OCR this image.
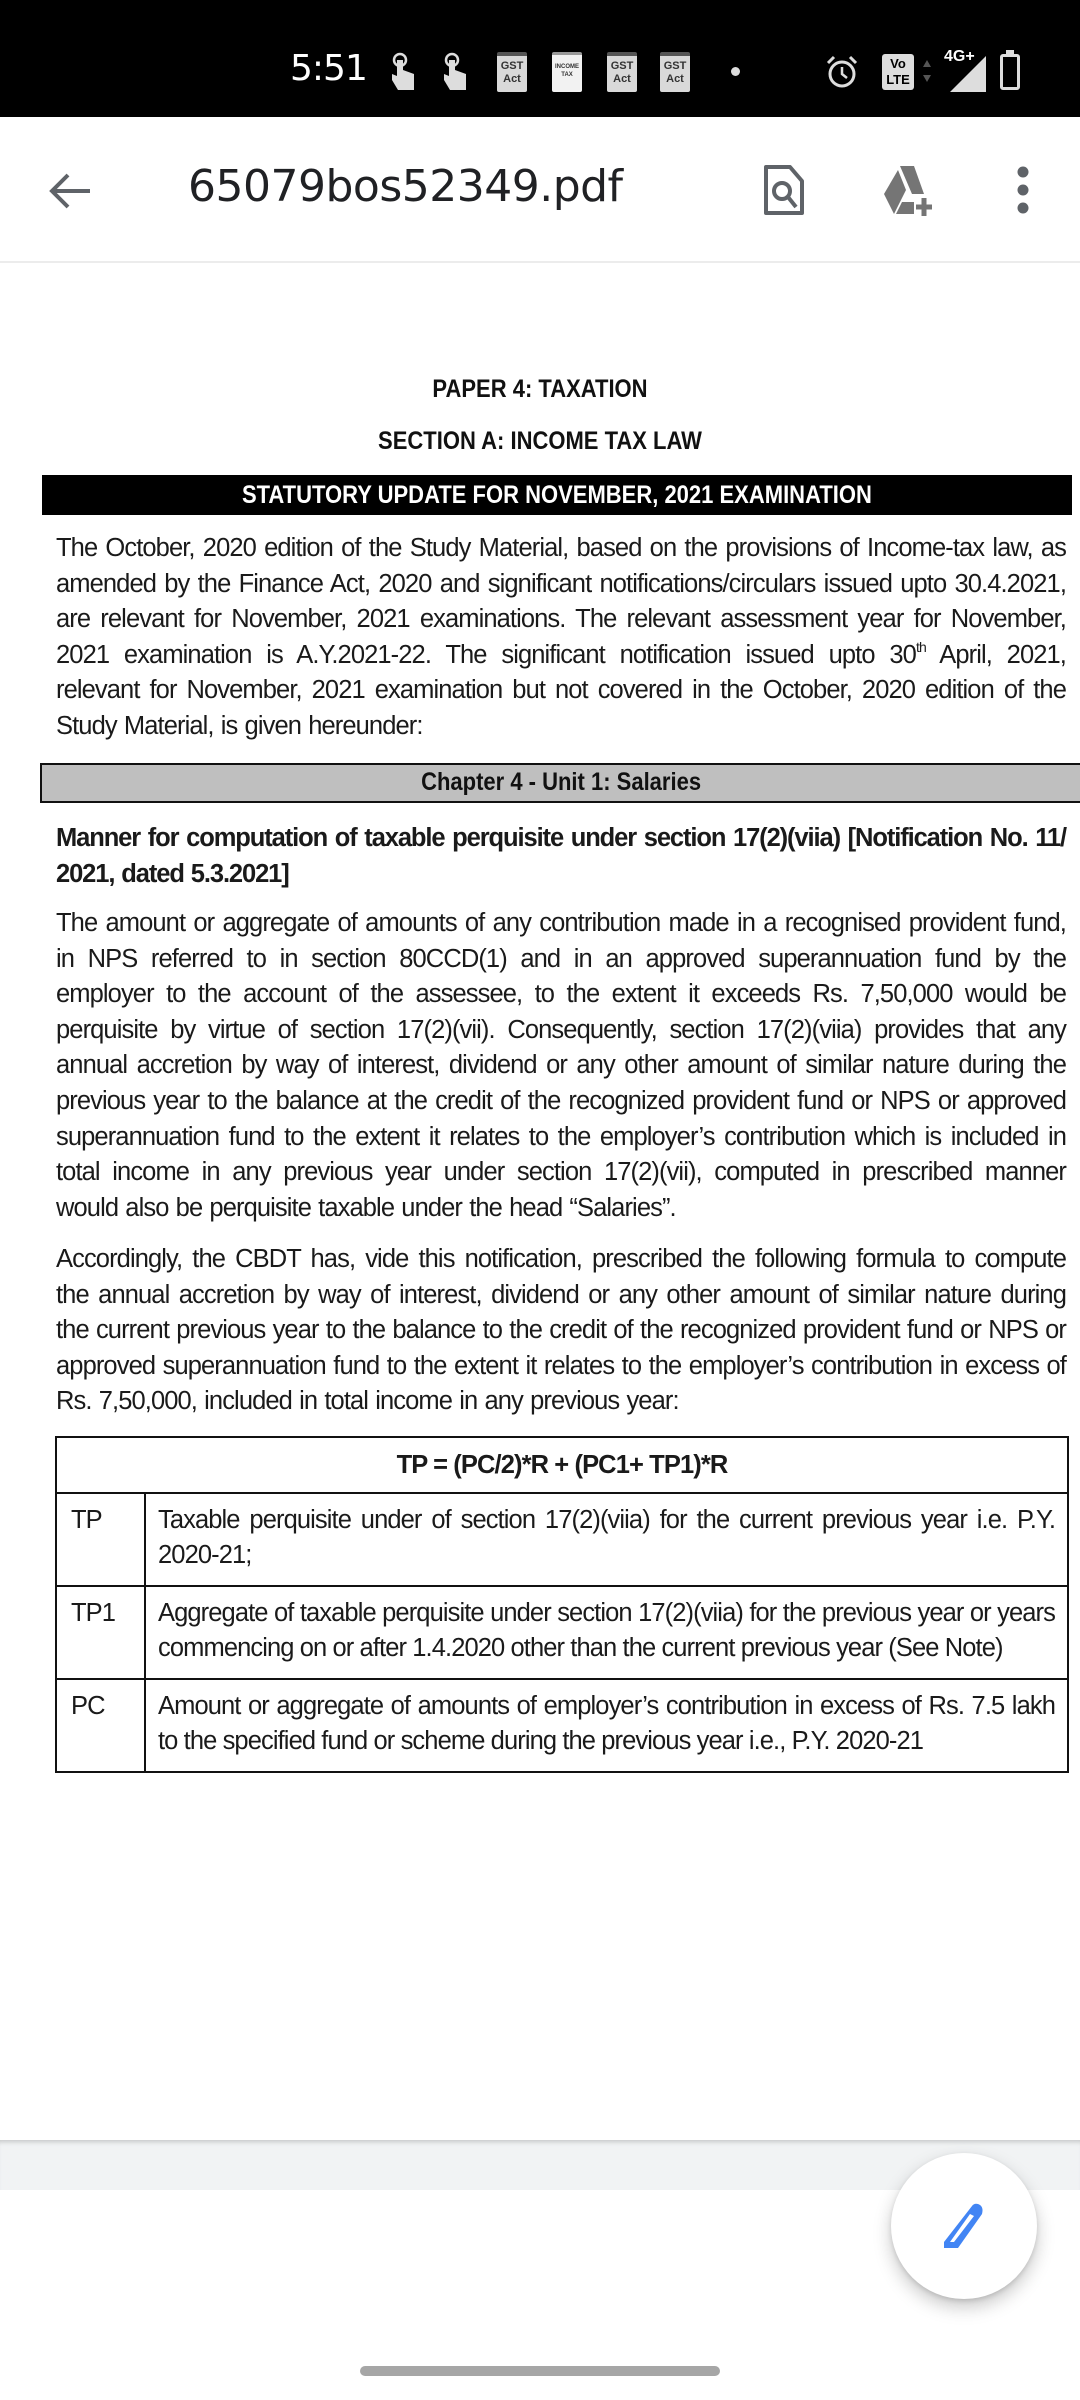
5:51	GST
Act
INCOME
TAX
GST
Act
GST
Act
Vo
LTE
4G+
65079bos52349.pdf
PAPER 4: TAXATION
SECTION A: INCOME TAX LAW
STATUTORY UPDATE FOR NOVEMBER, 2021 EXAMINATION
The October, 2020 edition of the Study Material, based on the provisions of Income-tax law, as amended by the Finance Act, 2020 and significant notifications/circulars issued upto 30.4.2021, are relevant for November, 2021 examinations. The relevant assessment year for November, 2021 examination is A.Y.2021-22. The significant notification issued upto 30th April, 2021, relevant for November, 2021 examination but not covered in the October, 2020 edition of the Study Material, is given hereunder:
Chapter 4 - Unit 1: Salaries
Manner for computation of taxable perquisite under section 17(2)(viia) [Notification No. 11/ 2021, dated 5.3.2021]
The amount or aggregate of amounts of any contribution made in a recognised provident fund, in NPS referred to in section 80CCD(1) and in an approved superannuation fund by the employer to the account of the assessee, to the extent it exceeds Rs. 7,50,000 would be perquisite by virtue of section 17(2)(vii). Consequently, section 17(2)(viia) provides that any annual accretion by way of interest, dividend or any other amount of similar nature during the previous year to the balance at the credit of the recognized provident fund or NPS or approved superannuation fund to the extent it relates to the employer’s contribution which is included in total income in any previous year under section 17(2)(vii), computed in prescribed manner would also be perquisite taxable under the head “Salaries”.
Accordingly, the CBDT has, vide this notification, prescribed the following formula to compute the annual accretion by way of interest, dividend or any other amount of similar nature during the current previous year to the balance to the credit of the recognized provident fund or NPS or approved superannuation fund to the extent it relates to the employer’s contribution in excess of Rs. 7,50,000, included in total income in any previous year:
TP = (PC/2)*R + (PC1+ TP1)*R	
TP	Taxable perquisite under of section 17(2)(viia) for the current previous year i.e. P.Y. 2020-21;
TP1	Aggregate of taxable perquisite under section 17(2)(viia) for the previous year or years commencing on or after 1.4.2020 other than the current previous year (See Note)
PC	Amount or aggregate of amounts of employer’s contribution in excess of Rs. 7.5 lakh to the specified fund or scheme during the previous year i.e., P.Y. 2020-21
